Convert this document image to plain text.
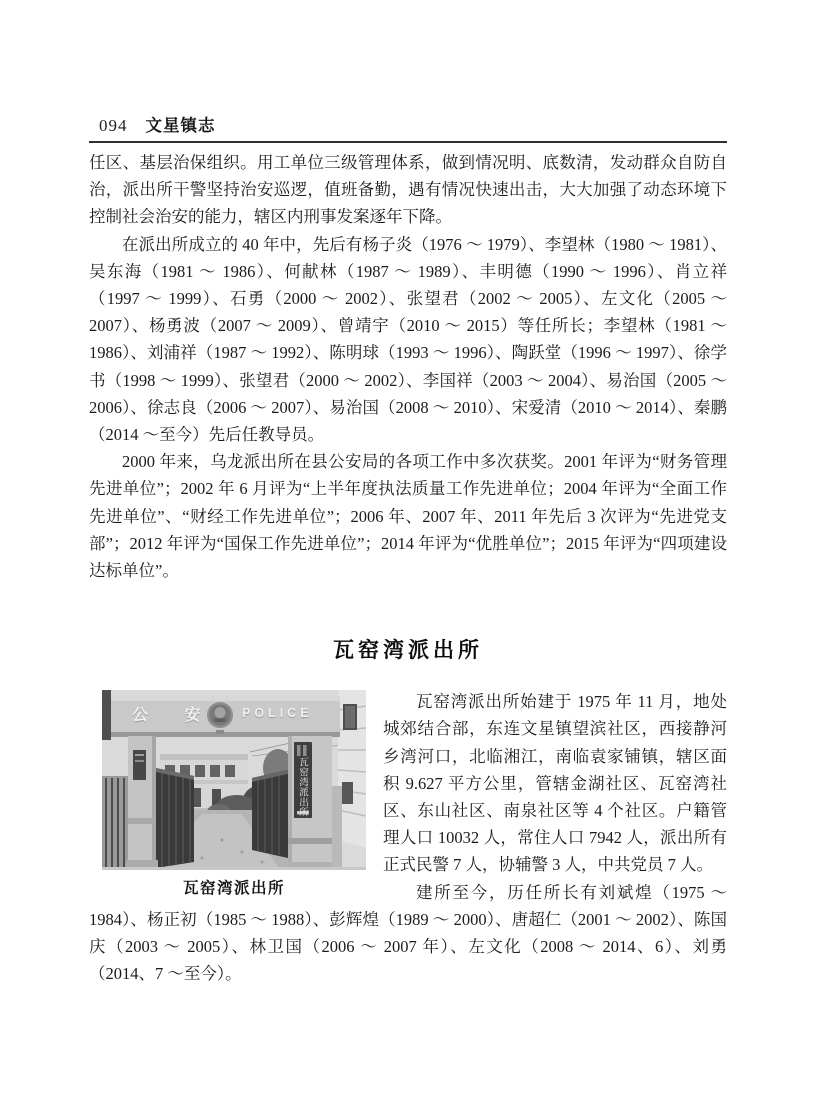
094 文星镇志

任区、基层治保组织。用工单位三级管理体系，做到情况明、底数清，发动群众自防自治，派出所干警坚持治安巡逻，值班备勤，遇有情况快速出击，大大加强了动态环境下控制社会治安的能力，辖区内刑事发案逐年下降。

在派出所成立的 40 年中，先后有杨子炎（1976 ～ 1979）、李望林（1980 ～ 1981）、吴东海（1981 ～ 1986）、何献林（1987 ～ 1989）、丰明德（1990 ～ 1996）、肖立祥（1997 ～ 1999）、石勇（2000 ～ 2002）、张望君（2002 ～ 2005）、左文化（2005 ～ 2007）、杨勇波（2007 ～ 2009）、曾靖宇（2010 ～ 2015）等任所长；李望林（1981 ～ 1986）、刘浦祥（1987 ～ 1992）、陈明球（1993 ～ 1996）、陶跃堂（1996 ～ 1997）、徐学书（1998 ～ 1999）、张望君（2000 ～ 2002）、李国祥（2003 ～ 2004）、易治国（2005 ～ 2006）、徐志良（2006 ～ 2007）、易治国（2008 ～ 2010）、宋爱清（2010 ～ 2014）、秦鹏（2014 ～至今）先后任教导员。

2000 年来，乌龙派出所在县公安局的各项工作中多次获奖。2001 年评为“财务管理先进单位”；2002 年 6 月评为“上半年度执法质量工作先进单位；2004 年评为“全面工作先进单位”、“财经工作先进单位”；2006 年、2007 年、2011 年先后 3 次评为“先进党支部”；2012 年评为“国保工作先进单位”；2014 年评为“优胜单位”；2015 年评为“四项建设达标单位”。

瓦窑湾派出所
公 安 POLICE
瓦窑湾派出所
瓦窑湾派出所

瓦窑湾派出所始建于 1975 年 11 月，地处城郊结合部，东连文星镇望滨社区，西接静河乡湾河口，北临湘江，南临袁家铺镇，辖区面积 9.627 平方公里，管辖金湖社区、瓦窑湾社区、东山社区、南泉社区等 4 个社区。户籍管理人口 10032 人，常住人口 7942 人，派出所有正式民警 7 人，协辅警 3 人，中共党员 7 人。

建所至今，历任所长有刘斌煌（1975 ～ 1984）、杨正初（1985 ～ 1988）、彭辉煌（1989 ～ 2000）、唐超仁（2001 ～ 2002）、陈国庆（2003 ～ 2005）、林卫国（2006 ～ 2007 年）、左文化（2008 ～ 2014、6）、刘勇（2014、7 ～至今）。
